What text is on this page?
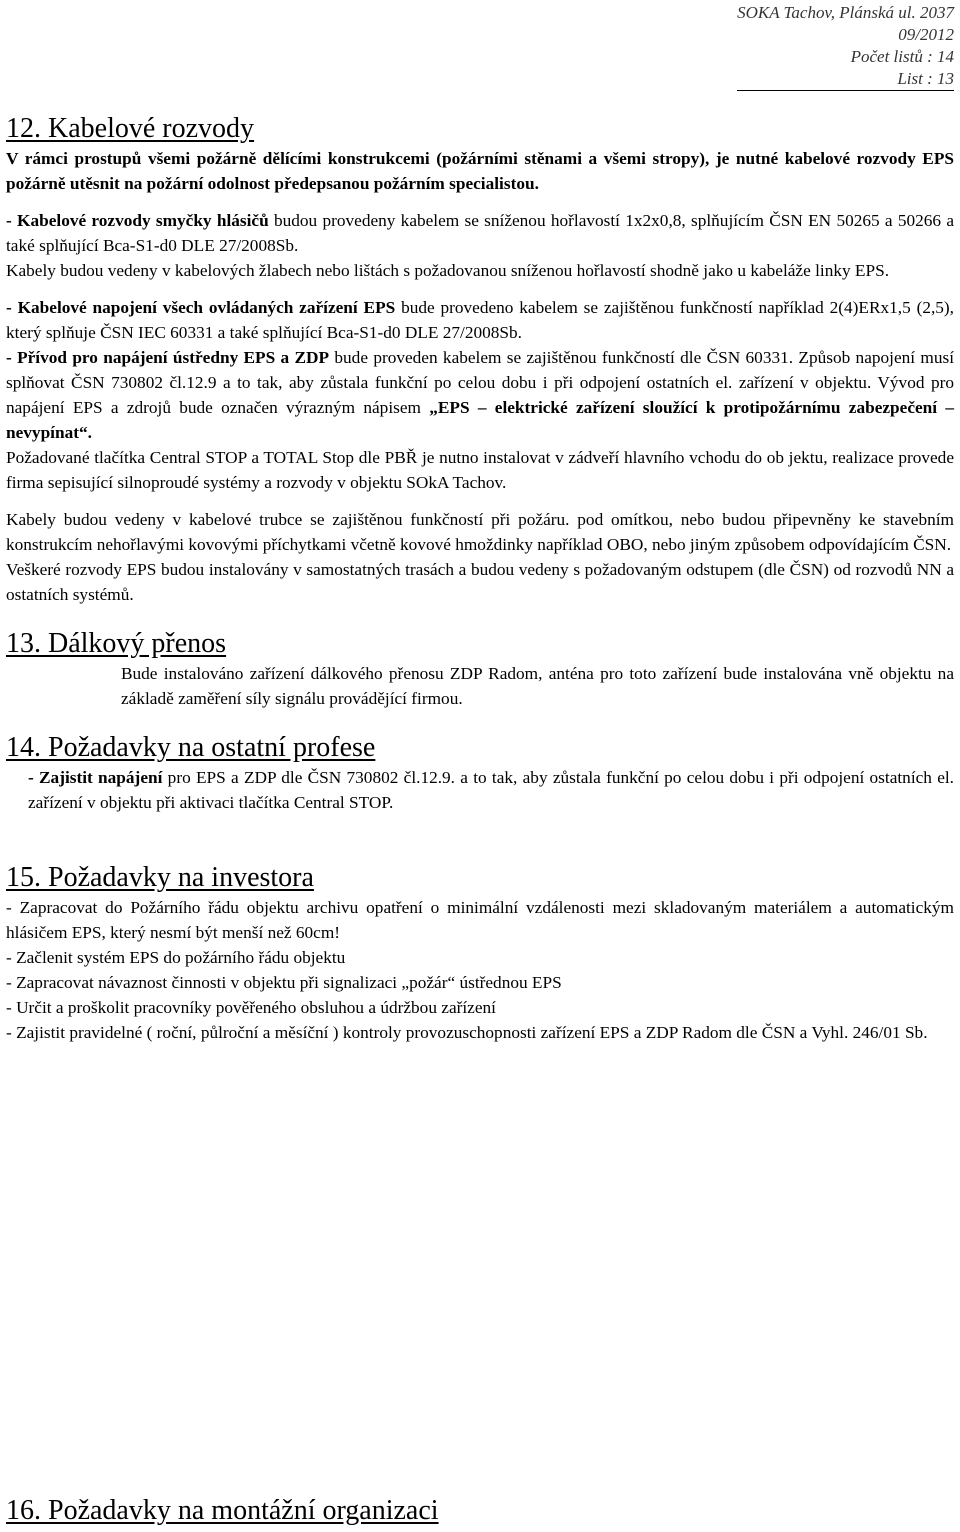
SOKA Tachov, Plánská ul. 2037
09/2012
Počet listů : 14
List : 13
12. Kabelové rozvody

V rámci prostupů všemi požárně dělícími konstrukcemi (požárními stěnami a všemi stropy), je nutné kabelové rozvody EPS požárně utěsnit na požární odolnost předepsanou požárním specialistou.

- Kabelové rozvody smyčky hlásičů budou provedeny kabelem se sníženou hořlavostí 1x2x0,8, splňujícím ČSN EN 50265 a 50266 a také splňující Bca-S1-d0 DLE 27/2008Sb.

Kabely budou vedeny v kabelových žlabech nebo lištách s požadovanou sníženou hořlavostí shodně jako u kabeláže linky EPS.

- Kabelové napojení všech ovládaných zařízení EPS bude provedeno kabelem se zajištěnou funkčností například 2(4)ERx1,5 (2,5), který splňuje ČSN IEC 60331 a také splňující Bca-S1-d0 DLE 27/2008Sb.

- Přívod pro napájení ústředny EPS a ZDP bude proveden kabelem se zajištěnou funkčností dle ČSN 60331. Způsob napojení musí splňovat ČSN 730802 čl.12.9 a to tak, aby zůstala funkční po celou dobu i při odpojení ostatních el. zařízení v objektu. Vývod pro napájení EPS a zdrojů bude označen výrazným nápisem „EPS – elektrické zařízení sloužící k protipožárnímu zabezpečení – nevypínat“.

Požadované tlačítka Central STOP a TOTAL Stop dle PBŘ je nutno instalovat v zádveří hlavního vchodu do ob jektu, realizace provede firma sepisující silnoproudé systémy a rozvody v objektu SOkA Tachov.

Kabely budou vedeny v kabelové trubce se zajištěnou funkčností při požáru. pod omítkou, nebo budou připevněny ke stavebním konstrukcím nehořlavými kovovými příchytkami včetně kovové hmoždinky například OBO, nebo jiným způsobem odpovídajícím ČSN.

Veškeré rozvody EPS budou instalovány v samostatných trasách a budou vedeny s požadovaným odstupem (dle ČSN) od rozvodů NN a ostatních systémů.

13. Dálkový přenos

Bude instalováno zařízení dálkového přenosu ZDP Radom, anténa pro toto zařízení bude instalována vně objektu na základě zaměření síly signálu provádějící firmou.

14. Požadavky na ostatní profese

- Zajistit napájení pro EPS a ZDP dle ČSN 730802 čl.12.9. a to tak, aby zůstala funkční po celou dobu i při odpojení ostatních el. zařízení v objektu při aktivaci tlačítka Central STOP.

15. Požadavky na investora

- Zapracovat do Požárního řádu objektu archivu opatření o minimální vzdálenosti mezi skladovaným materiálem a automatickým hlásičem EPS, který nesmí být menší než 60cm!

- Začlenit systém EPS do požárního řádu objektu

- Zapracovat návaznost činnosti v objektu při signalizaci „požár“ ústřednou EPS

- Určit a proškolit pracovníky pověřeného obsluhou a údržbou zařízení

- Zajistit pravidelné ( roční, půlroční a měsíční ) kontroly provozuschopnosti zařízení EPS a ZDP Radom dle ČSN a Vyhl. 246/01 Sb.

16. Požadavky na montážní organizaci
